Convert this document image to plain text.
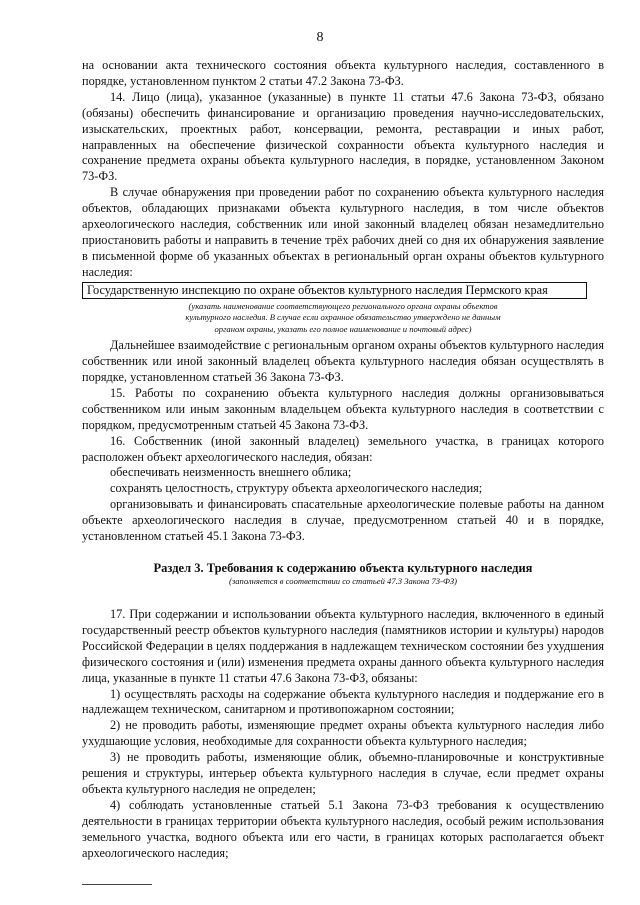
8

на основании акта технического состояния объекта культурного наследия, составленного в порядке, установленном пунктом 2 статьи 47.2 Закона 73-ФЗ.

14. Лицо (лица), указанное (указанные) в пункте 11 статьи 47.6 Закона 73-ФЗ, обязано (обязаны) обеспечить финансирование и организацию проведения научно-исследовательских, изыскательских, проектных работ, консервации, ремонта, реставрации и иных работ, направленных на обеспечение физической сохранности объекта культурного наследия и сохранение предмета охраны объекта культурного наследия, в порядке, установленном Законом 73-ФЗ.

В случае обнаружения при проведении работ по сохранению объекта культурного наследия объектов, обладающих признаками объекта культурного наследия, в том числе объектов археологического наследия, собственник или иной законный владелец обязан незамедлительно приостановить работы и направить в течение трёх рабочих дней со дня их обнаружения заявление в письменной форме об указанных объектах в региональный орган охраны объектов культурного наследия:

Государственную инспекцию по охране объектов культурного наследия Пермского края
(указать наименование соответствующего регионального органа охраны объектов
культурного наследия. В случае если охранное обязательство утверждено не данным
органом охраны, указать его полное наименование и почтовый адрес)

Дальнейшее взаимодействие с региональным органом охраны объектов культурного наследия собственник или иной законный владелец объекта культурного наследия обязан осуществлять в порядке, установленном статьей 36 Закона 73-ФЗ.

15. Работы по сохранению объекта культурного наследия должны организовываться собственником или иным законным владельцем объекта культурного наследия в соответствии с порядком, предусмотренным статьей 45 Закона 73-ФЗ.

16. Собственник (иной законный владелец) земельного участка, в границах которого расположен объект археологического наследия, обязан:

обеспечивать неизменность внешнего облика;

сохранять целостность, структуру объекта археологического наследия;

организовывать и финансировать спасательные археологические полевые работы на данном объекте археологического наследия в случае, предусмотренном статьей 40 и в порядке, установленном статьей 45.1 Закона 73-ФЗ.

Раздел 3. Требования к содержанию объекта культурного наследия
(заполняется в соответствии со статьей 47.3 Закона 73-ФЗ)

17. При содержании и использовании объекта культурного наследия, включенного в единый государственный реестр объектов культурного наследия (памятников истории и культуры) народов Российской Федерации в целях поддержания в надлежащем техническом состоянии без ухудшения физического состояния и (или) изменения предмета охраны данного объекта культурного наследия лица, указанные в пункте 11 статьи 47.6 Закона 73-ФЗ, обязаны:

1) осуществлять расходы на содержание объекта культурного наследия и поддержание его в надлежащем техническом, санитарном и противопожарном состоянии;

2) не проводить работы, изменяющие предмет охраны объекта культурного наследия либо ухудшающие условия, необходимые для сохранности объекта культурного наследия;

3) не проводить работы, изменяющие облик, объемно-планировочные и конструктивные решения и структуры, интерьер объекта культурного наследия в случае, если предмет охраны объекта культурного наследия не определен;

4) соблюдать установленные статьей 5.1 Закона 73-ФЗ требования к осуществлению деятельности в границах территории объекта культурного наследия, особый режим использования земельного участка, водного объекта или его части, в границах которых располагается объект археологического наследия;
